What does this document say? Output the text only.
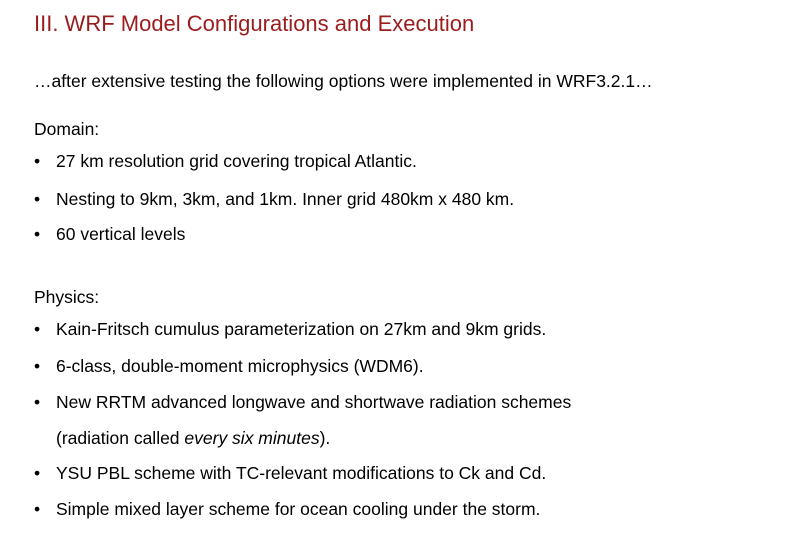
III. WRF Model Configurations and Execution
…after extensive testing the following options were implemented in WRF3.2.1…
Domain:
• 27 km resolution grid covering tropical Atlantic.
• Nesting to 9km, 3km, and 1km. Inner grid 480km x 480 km.
• 60 vertical levels
Physics:
• Kain-Fritsch cumulus parameterization on 27km and 9km grids.
• 6-class, double-moment microphysics (WDM6).
• New RRTM advanced longwave and shortwave radiation schemes
(radiation called every six minutes).
• YSU PBL scheme with TC-relevant modifications to Ck and Cd.
• Simple mixed layer scheme for ocean cooling under the storm.
